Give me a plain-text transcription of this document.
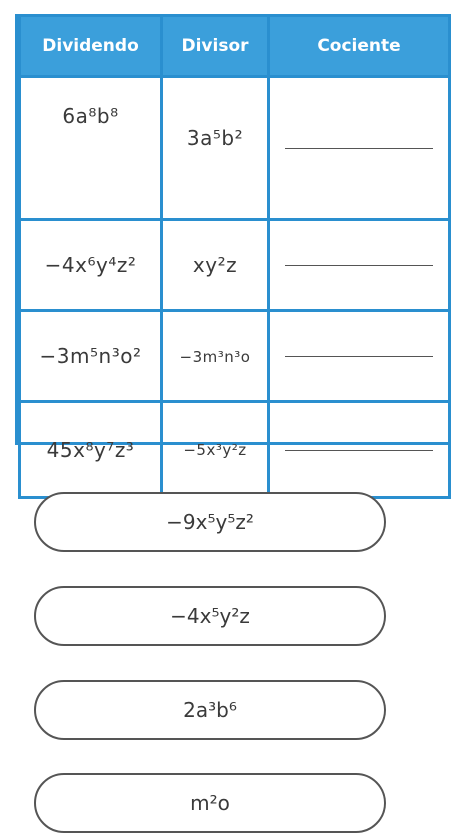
Dividendo	Divisor	Cociente
6a⁸b⁸	3a⁵b²	

−4x⁶y⁴z²	xy²z	

−3m⁵n³o²	−3m³n³o	

45x⁸y⁷z³	−5x³y²z	
−9x⁵y⁵z²
−4x⁵y²z
2a³b⁶
m²o
